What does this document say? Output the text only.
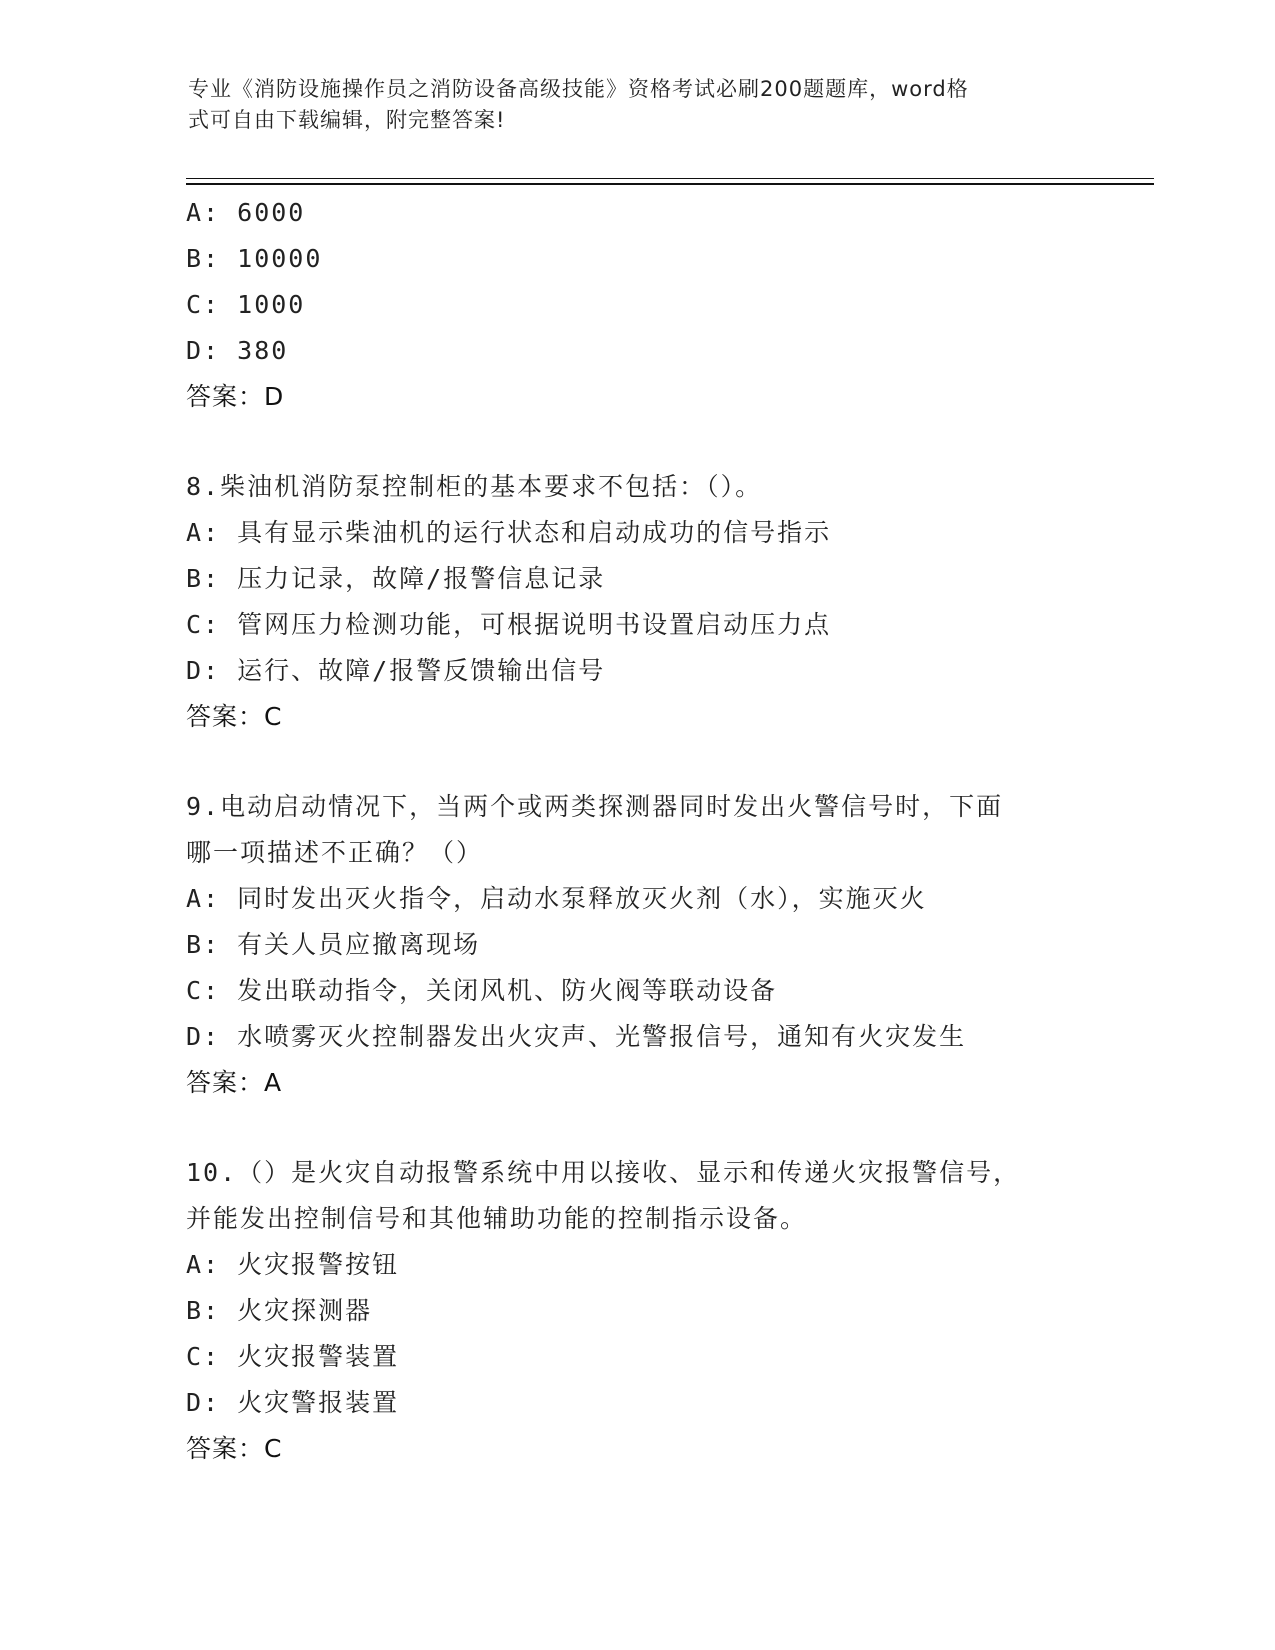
专业《消防设施操作员之消防设备高级技能》资格考试必刷200题题库，word格
式可自由下载编辑，附完整答案!
A: 6000
B: 10000
C: 1000
D: 380
答案：D
8.柴油机消防泵控制柜的基本要求不包括：（）。
A: 具有显示柴油机的运行状态和启动成功的信号指示
B: 压力记录，故障/报警信息记录
C: 管网压力检测功能，可根据说明书设置启动压力点
D: 运行、故障/报警反馈输出信号
答案：C
9.电动启动情况下，当两个或两类探测器同时发出火警信号时，下面
哪一项描述不正确？（）
A: 同时发出灭火指令，启动水泵释放灭火剂（水），实施灭火
B: 有关人员应撤离现场
C: 发出联动指令，关闭风机、防火阀等联动设备
D: 水喷雾灭火控制器发出火灾声、光警报信号，通知有火灾发生
答案：A
10.（）是火灾自动报警系统中用以接收、显示和传递火灾报警信号，
并能发出控制信号和其他辅助功能的控制指示设备。
A: 火灾报警按钮
B: 火灾探测器
C: 火灾报警装置
D: 火灾警报装置
答案：C
